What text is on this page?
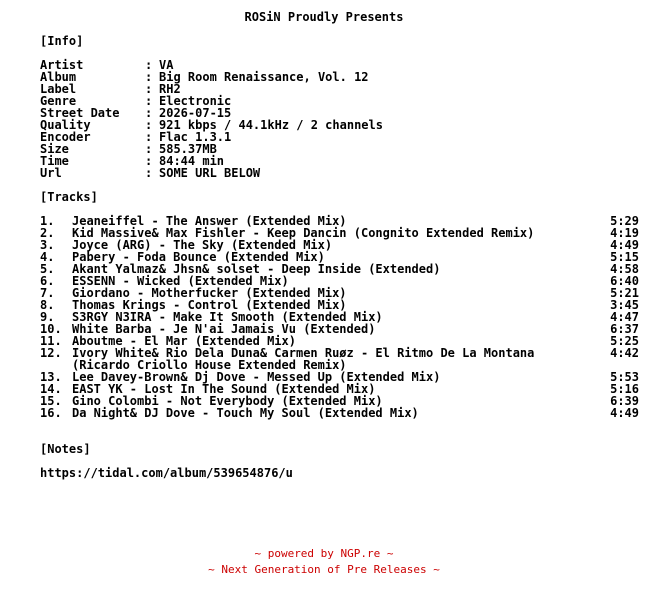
ROSiN Proudly Presents
[Info]
Artist	: VA
Album	: Big Room Renaissance, Vol. 12
Label	: RH2
Genre	: Electronic
Street Date : 2026-07-15
Quality	: 921 kbps / 44.1kHz / 2 channels
Encoder	: Flac 1.3.1
Size	: 585.37MB
Time	: 84:44 min
Url	: SOME URL BELOW
[Tracks]
1. Jeaneiffel - The Answer (Extended Mix)	5:29
2. Kid Massive& Max Fishler - Keep Dancin (Congnito Extended Remix)	4:19
3. Joyce (ARG) - The Sky (Extended Mix)	4:49
4. Pabery - Foda Bounce (Extended Mix)	5:15
5. Akant Yalmaz& Jhsn& solset - Deep Inside (Extended)	4:58
6. ESSENN - Wicked (Extended Mix)	6:40
7. Giordano - Motherfucker (Extended Mix)	5:21
8. Thomas Krings - Control (Extended Mix)	3:45
9. S3RGY N3IRA - Make It Smooth (Extended Mix)	4:47
10. White Barba - Je N'ai Jamais Vu (Extended)	6:37
11. Aboutme - El Mar (Extended Mix)	5:25
12. Ivory White& Rio Dela Duna& Carmen Ruøz - El Ritmo De La Montana	4:42
(Ricardo Criollo House Extended Remix)
13. Lee Davey-Brown& Dj Dove - Messed Up (Extended Mix)	5:53
14. EAST YK - Lost In The Sound (Extended Mix)	5:16
15. Gino Colombi - Not Everybody (Extended Mix)	6:39
16. Da Night& DJ Dove - Touch My Soul (Extended Mix)	4:49
[Notes]
https://tidal.com/album/539654876/u
~ powered by NGP.re ~
~ Next Generation of Pre Releases ~
